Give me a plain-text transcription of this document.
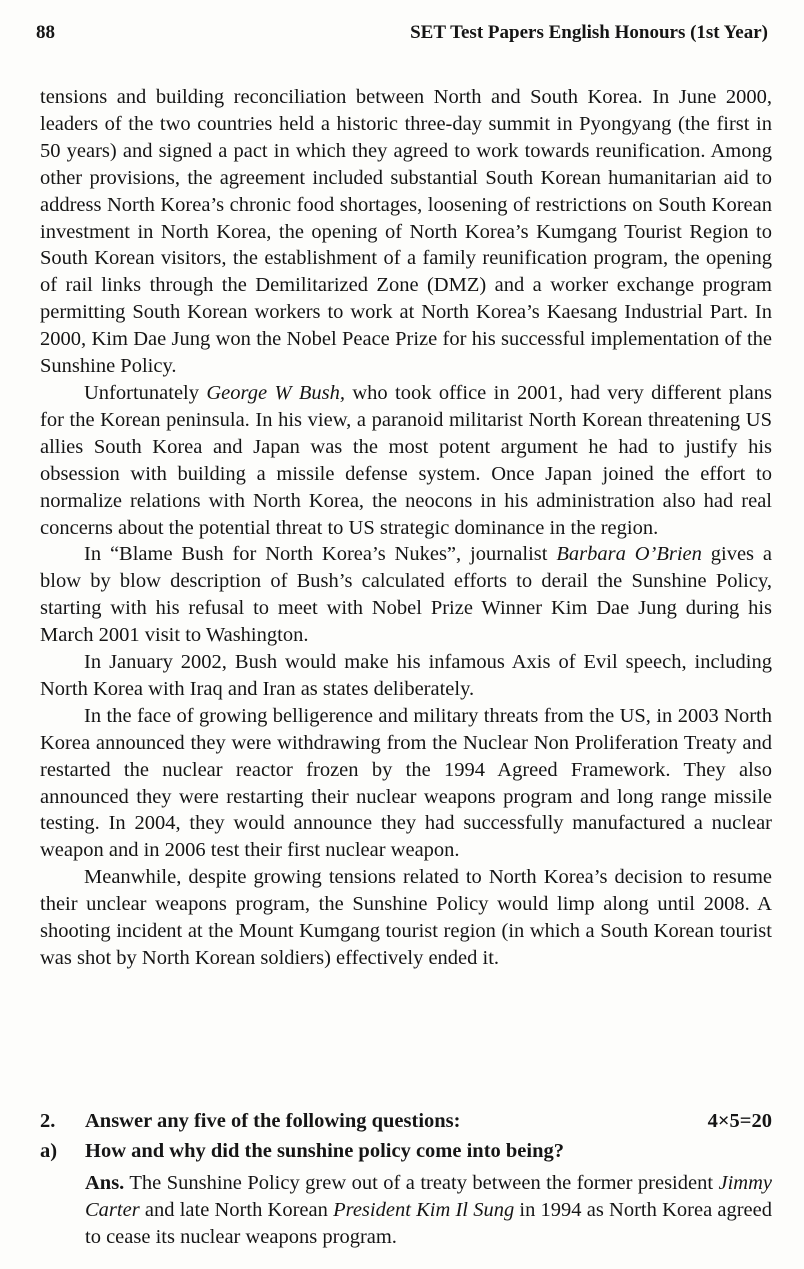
88	SET Test Papers English Honours (1st Year)

tensions and building reconciliation between North and South Korea. In June 2000, leaders of the two countries held a historic three-day summit in Pyongyang (the first in 50 years) and signed a pact in which they agreed to work towards reunification. Among other provisions, the agreement included substantial South Korean humanitarian aid to address North Korea’s chronic food shortages, loosening of restrictions on South Korean investment in North Korea, the opening of North Korea’s Kumgang Tourist Region to South Korean visitors, the establishment of a family reunification program, the opening of rail links through the Demilitarized Zone (DMZ) and a worker exchange program permitting South Korean workers to work at North Korea’s Kaesang Industrial Part. In 2000, Kim Dae Jung won the Nobel Peace Prize for his successful implementation of the Sunshine Policy.

Unfortunately George W Bush, who took office in 2001, had very different plans for the Korean peninsula. In his view, a paranoid militarist North Korean threatening US allies South Korea and Japan was the most potent argument he had to justify his obsession with building a missile defense system. Once Japan joined the effort to normalize relations with North Korea, the neocons in his administration also had real concerns about the potential threat to US strategic dominance in the region.

In “Blame Bush for North Korea’s Nukes”, journalist Barbara O’Brien gives a blow by blow description of Bush’s calculated efforts to derail the Sunshine Policy, starting with his refusal to meet with Nobel Prize Winner Kim Dae Jung during his March 2001 visit to Washington.

In January 2002, Bush would make his infamous Axis of Evil speech, including North Korea with Iraq and Iran as states deliberately.

In the face of growing belligerence and military threats from the US, in 2003 North Korea announced they were withdrawing from the Nuclear Non Proliferation Treaty and restarted the nuclear reactor frozen by the 1994 Agreed Framework. They also announced they were restarting their nuclear weapons program and long range missile testing. In 2004, they would announce they had successfully manufactured a nuclear weapon and in 2006 test their first nuclear weapon.

Meanwhile, despite growing tensions related to North Korea’s decision to resume their unclear weapons program, the Sunshine Policy would limp along until 2008. A shooting incident at the Mount Kumgang tourist region (in which a South Korean tourist was shot by North Korean soldiers) effectively ended it.

2. Answer any five of the following questions:	4×5=20
a) How and why did the sunshine policy come into being?
Ans. The Sunshine Policy grew out of a treaty between the former president Jimmy Carter and late North Korean President Kim Il Sung in 1994 as North Korea agreed to cease its nuclear weapons program.
